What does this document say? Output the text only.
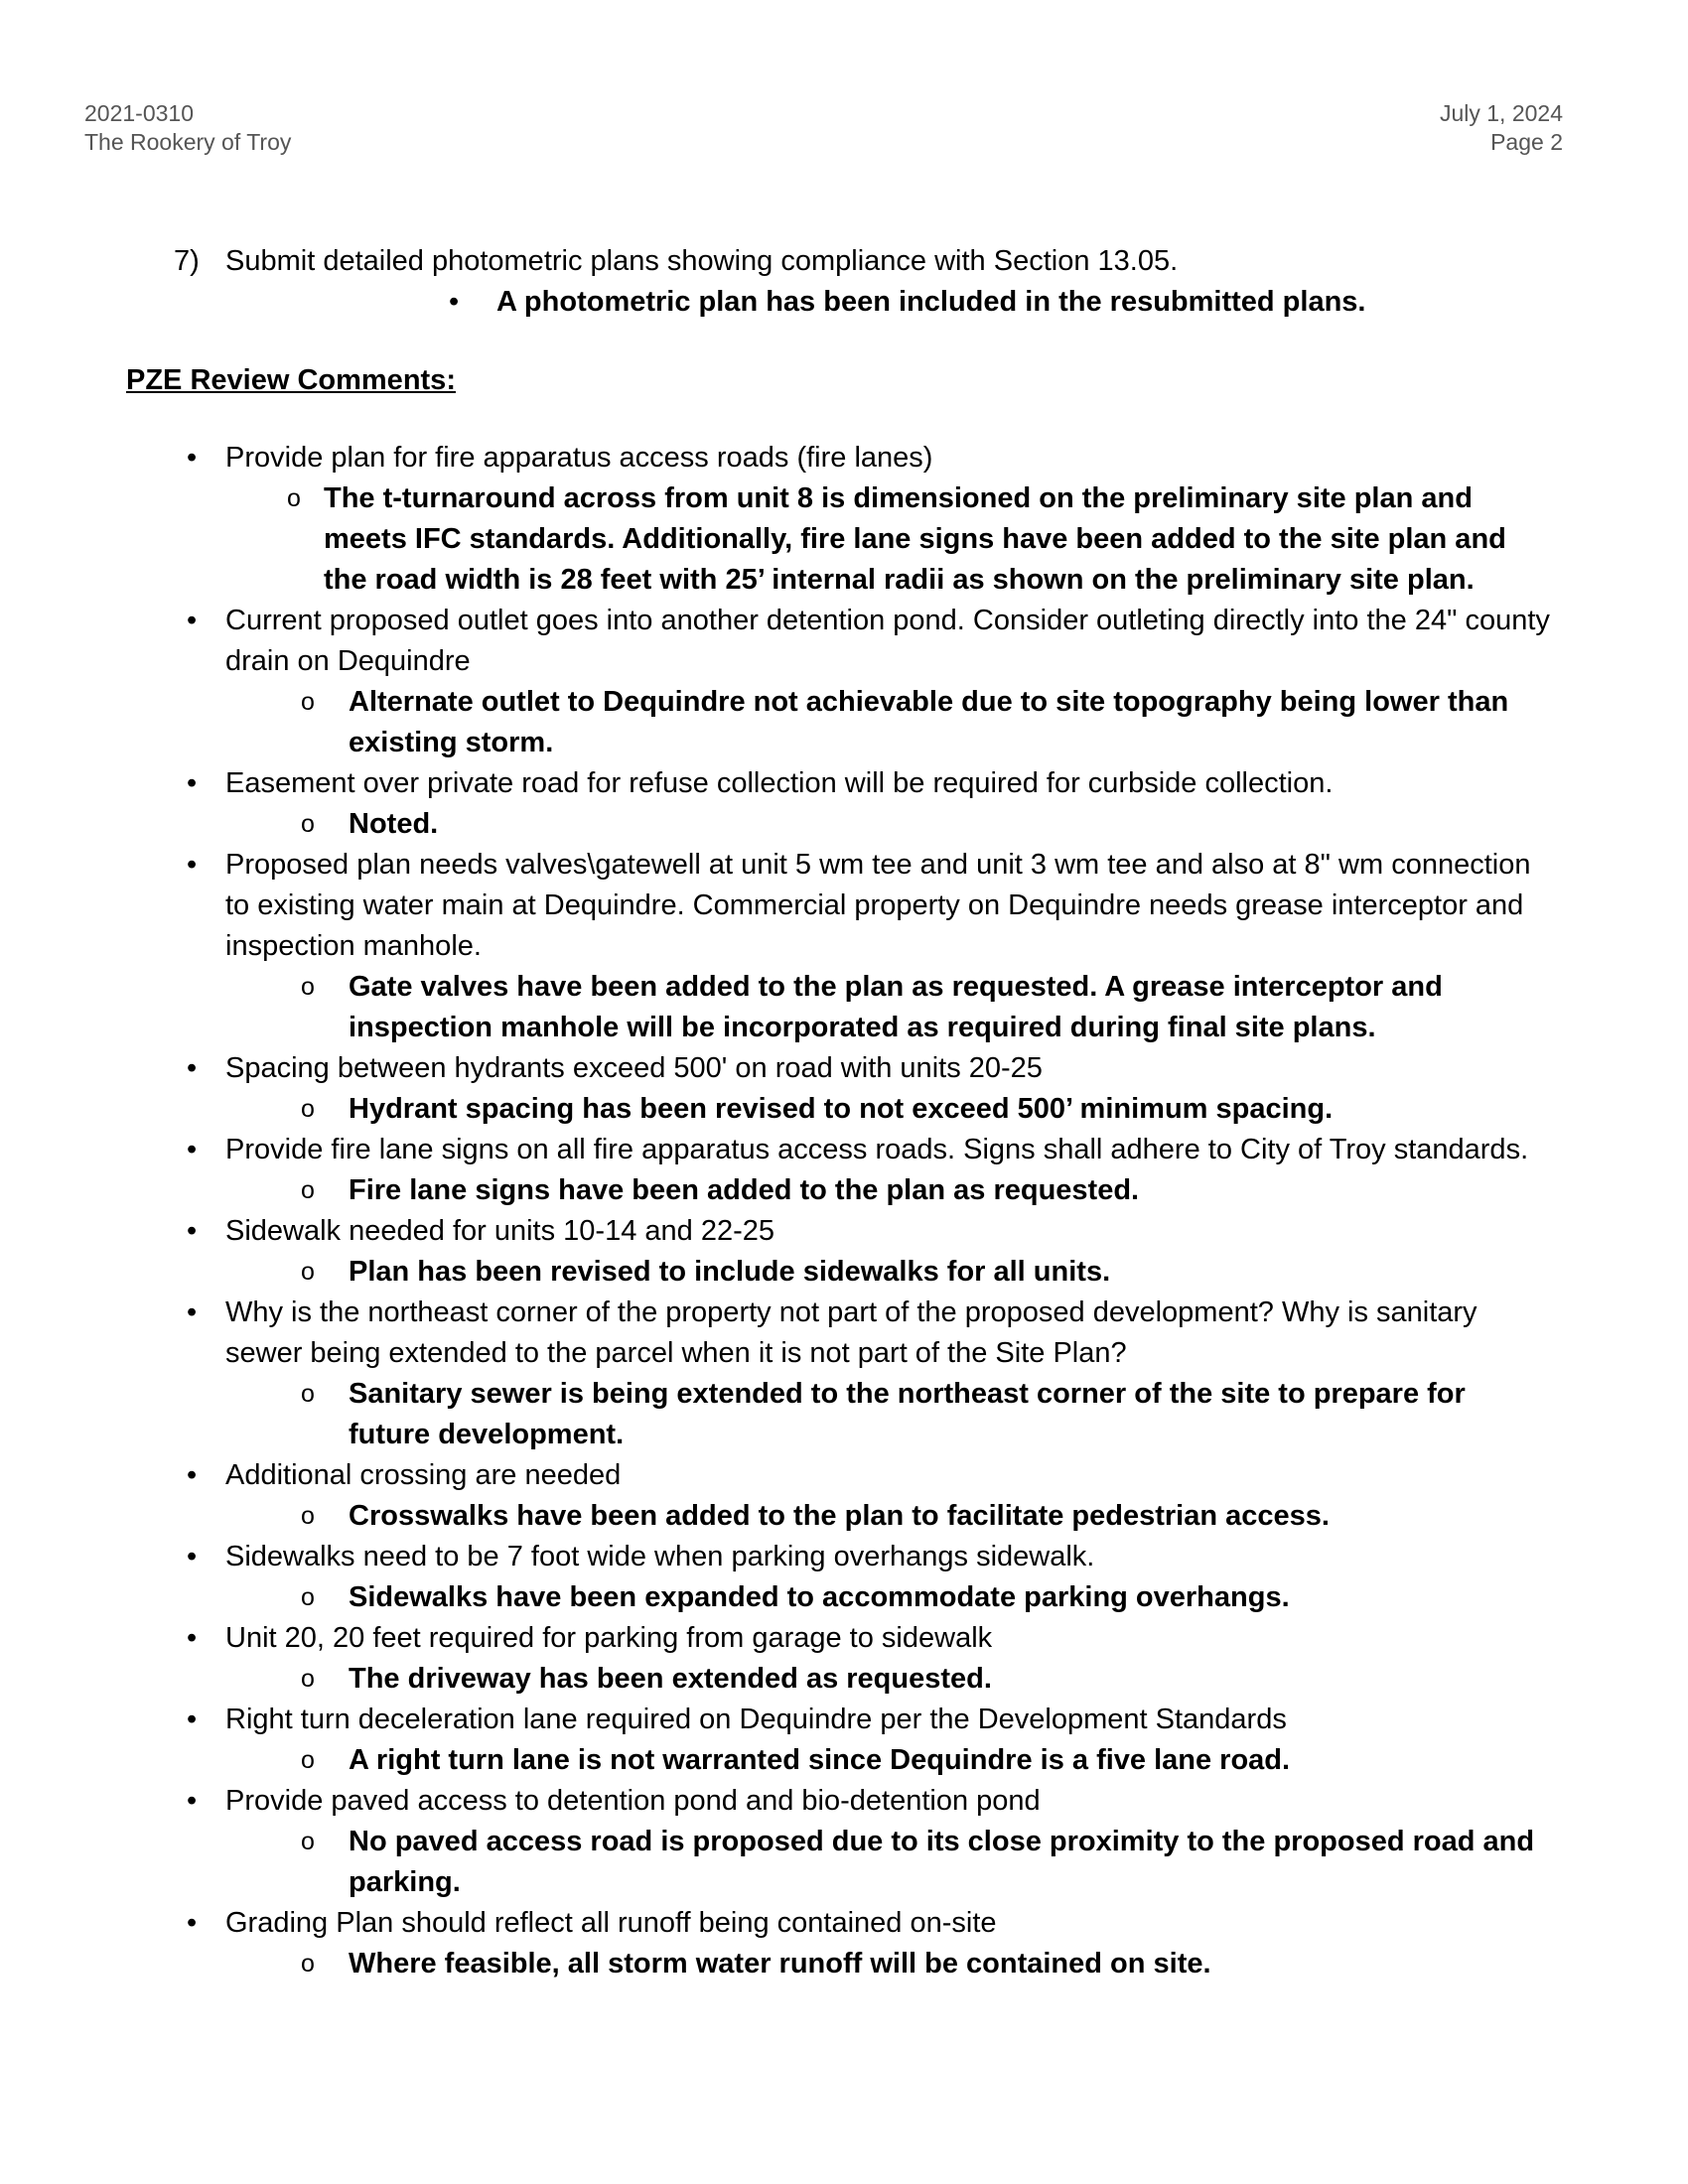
2021-0310
The Rookery of Troy
July 1, 2024
Page 2
7) Submit detailed photometric plans showing compliance with Section 13.05.
• A photometric plan has been included in the resubmitted plans.
PZE Review Comments:
• Provide plan for fire apparatus access roads (fire lanes)
o The t-turnaround across from unit 8 is dimensioned on the preliminary site plan and meets IFC standards. Additionally, fire lane signs have been added to the site plan and the road width is 28 feet with 25’ internal radii as shown on the preliminary site plan.
• Current proposed outlet goes into another detention pond. Consider outleting directly into the 24" county drain on Dequindre
o Alternate outlet to Dequindre not achievable due to site topography being lower than existing storm.
• Easement over private road for refuse collection will be required for curbside collection.
o Noted.
• Proposed plan needs valves\gatewell at unit 5 wm tee and unit 3 wm tee and also at 8" wm connection to existing water main at Dequindre. Commercial property on Dequindre needs grease interceptor and inspection manhole.
o Gate valves have been added to the plan as requested. A grease interceptor and inspection manhole will be incorporated as required during final site plans.
• Spacing between hydrants exceed 500' on road with units 20-25
o Hydrant spacing has been revised to not exceed 500’ minimum spacing.
• Provide fire lane signs on all fire apparatus access roads. Signs shall adhere to City of Troy standards.
o Fire lane signs have been added to the plan as requested.
• Sidewalk needed for units 10-14 and 22-25
o Plan has been revised to include sidewalks for all units.
• Why is the northeast corner of the property not part of the proposed development? Why is sanitary sewer being extended to the parcel when it is not part of the Site Plan?
o Sanitary sewer is being extended to the northeast corner of the site to prepare for future development.
• Additional crossing are needed
o Crosswalks have been added to the plan to facilitate pedestrian access.
• Sidewalks need to be 7 foot wide when parking overhangs sidewalk.
o Sidewalks have been expanded to accommodate parking overhangs.
• Unit 20, 20 feet required for parking from garage to sidewalk
o The driveway has been extended as requested.
• Right turn deceleration lane required on Dequindre per the Development Standards
o A right turn lane is not warranted since Dequindre is a five lane road.
• Provide paved access to detention pond and bio-detention pond
o No paved access road is proposed due to its close proximity to the proposed road and parking.
• Grading Plan should reflect all runoff being contained on-site
o Where feasible, all storm water runoff will be contained on site.
